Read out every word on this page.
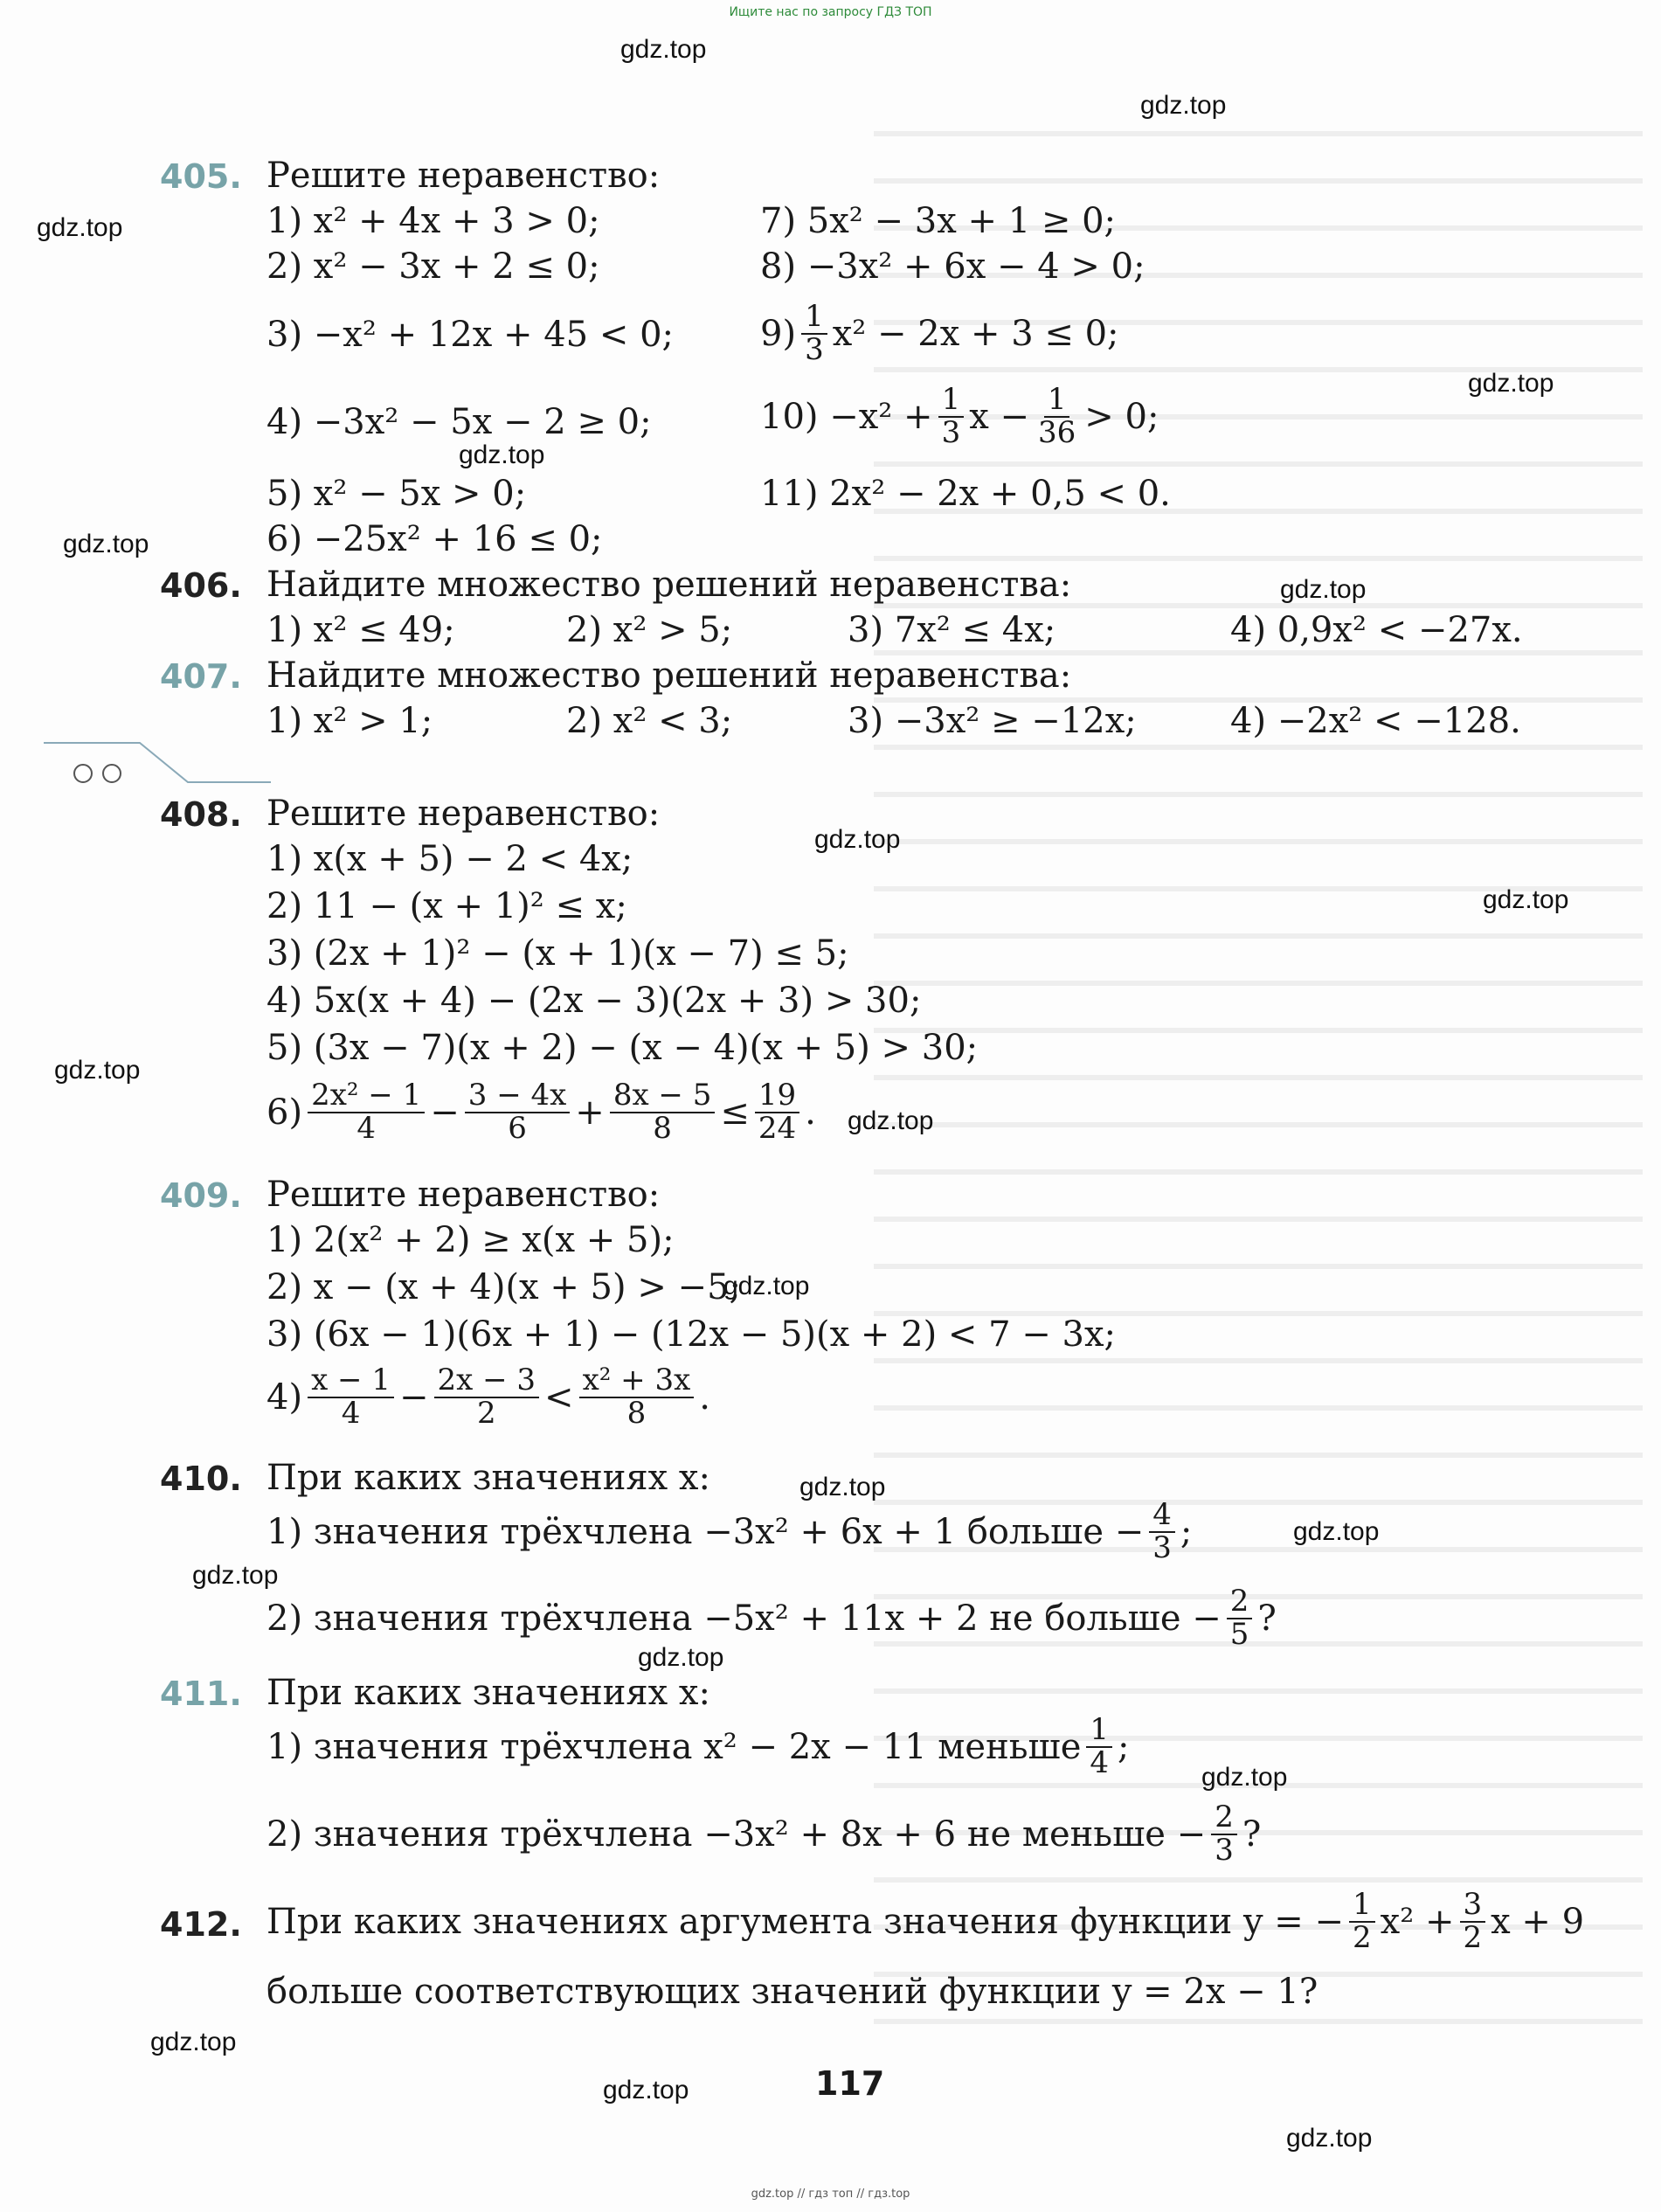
Ищите нас по запросу ГДЗ ТОП
gdz.top
gdz.top
gdz.top
gdz.top
gdz.top
gdz.top
gdz.top
gdz.top
gdz.top
gdz.top
gdz.top
gdz.top
gdz.top
gdz.top
gdz.top
gdz.top
gdz.top
gdz.top
gdz.top
gdz.top
405. Решите неравенство:
1) x² + 4x + 3 > 0;
2) x² − 3x + 2 ≤ 0;
3) −x² + 12x + 45 < 0;
4) −3x² − 5x − 2 ≥ 0;
5) x² − 5x > 0;
6) −25x² + 16 ≤ 0;
7) 5x² − 3x + 1 ≥ 0;
8) −3x² + 6x − 4 > 0;
$9) \frac{1}{3} x^2 - 2x + 3 \le 0$;
$10) -x^2 + \frac{1}{3}$ $x - \frac{1}{36} > 0$;
11) 2x² − 2x + 0,5 < 0.
406. Найдите множество решений неравенства:
1) x² ≤ 49;	2) x² > 5;	3) 7x² ≤ 4x;	4) 0,9x² < −27x.
407. Найдите множество решений неравенства:
1) x² > 1;	2) x² < 3;	3) −3x² ≥ −12x;	4) −2x² < −128.
408. Решите неравенство:
1) x(x + 5) − 2 < 4x;
2) 11 − (x + 1)² ≤ x;
3) (2x + 1)² − (x + 1)(x − 7) ≤ 5;
4) 5x(x + 4) − (2x − 3)(2x + 3) > 30;
5) (3x − 7)(x + 2) − (x − 4)(x + 5) > 30;
$6) \frac{\text{2x² − 1}}{4} - \frac{3 - 4x}{6} + \frac{8x - 5}{8} \le \frac{19}{24}$ .
409. Решите неравенство:
1) 2(x² + 2) ≥ x(x + 5);
2) x − (x + 4)(x + 5) > −5;
3) (6x − 1)(6x + 1) − (12x − 5)(x + 2) < 7 − 3x;
$4) \frac{x - 1}{4} - \frac{2x - 3}{2} < \frac{\text{x² + 3x}}{8}$ .
410. При каких значениях x:
1) значения трёхчлена −3x² + 6x + 1 больше − $\frac{4}{3}$ ;
2) значения трёхчлена −5x² + 11x + 2 не больше − $\frac{2}{5}$ ?
411. При каких значениях x:
1) значения трёхчлена x² − 2x − 11 меньше $\frac{1}{4}$ ;
2) значения трёхчлена −3x² + 8x + 6 не меньше − $\frac{2}{3}$ ?
412. При каких значениях аргумента значения функции y = − $\frac{1}{2} x^2 + \frac{3}{2}$ x + 9
больше соответствующих значений функции y = 2x − 1?
117
gdz.top // гдз топ // гдз.top
